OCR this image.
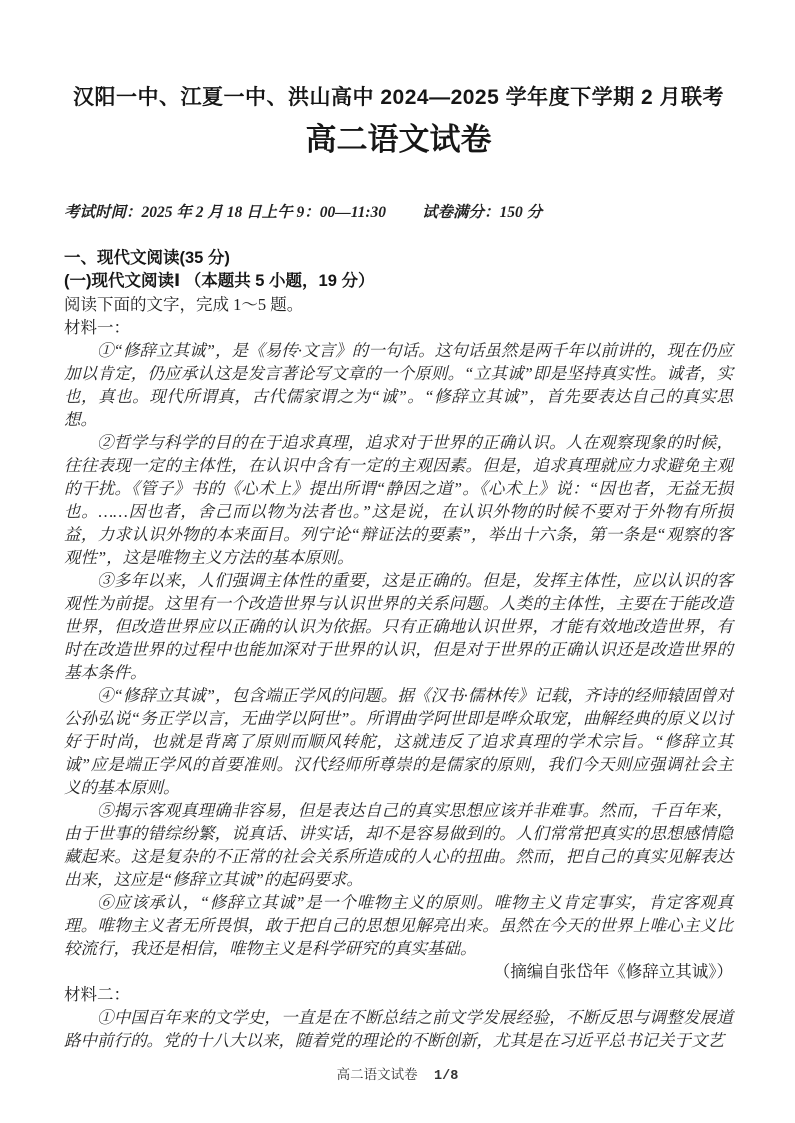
汉阳一中、江夏一中、洪山高中 2024—2025 学年度下学期 2 月联考
高二语文试卷
考试时间：2025 年 2 月 18 日上午 9：00—11:30 试卷满分：150 分
一、现代文阅读(35 分)
(一)现代文阅读Ⅰ （本题共 5 小题，19 分）
阅读下面的文字，完成 1～5 题。
材料一：

①“修辞立其诚”，是《易传·文言》的一句话。这句话虽然是两千年以前讲的，现在仍应加以肯定，仍应承认这是发言著论写文章的一个原则。“立其诚”即是坚持真实性。诚者，实也，真也。现代所谓真，古代儒家谓之为“诚”。“修辞立其诚”，首先要表达自己的真实思想。

②哲学与科学的目的在于追求真理，追求对于世界的正确认识。人在观察现象的时候，往往表现一定的主体性，在认识中含有一定的主观因素。但是，追求真理就应力求避免主观的干扰。《管子》书的《心术上》提出所谓“静因之道”。《心术上》说：“因也者，无益无损也。……因也者，舍己而以物为法者也。”这是说，在认识外物的时候不要对于外物有所损益，力求认识外物的本来面目。列宁论“辩证法的要素”，举出十六条，第一条是“观察的客观性”，这是唯物主义方法的基本原则。

③多年以来，人们强调主体性的重要，这是正确的。但是，发挥主体性，应以认识的客观性为前提。这里有一个改造世界与认识世界的关系问题。人类的主体性，主要在于能改造世界，但改造世界应以正确的认识为依据。只有正确地认识世界，才能有效地改造世界，有时在改造世界的过程中也能加深对于世界的认识，但是对于世界的正确认识还是改造世界的基本条件。

④“修辞立其诚”，包含端正学风的问题。据《汉书·儒林传》记载，齐诗的经师辕固曾对公孙弘说“务正学以言，无曲学以阿世”。所谓曲学阿世即是哗众取宠，曲解经典的原义以讨好于时尚，也就是背离了原则而顺风转舵，这就违反了追求真理的学术宗旨。“修辞立其诚”应是端正学风的首要准则。汉代经师所尊崇的是儒家的原则，我们今天则应强调社会主义的基本原则。

⑤揭示客观真理确非容易，但是表达自己的真实思想应该并非难事。然而，千百年来，由于世事的错综纷繁，说真话、讲实话，却不是容易做到的。人们常常把真实的思想感情隐藏起来。这是复杂的不正常的社会关系所造成的人心的扭曲。然而，把自己的真实见解表达出来，这应是“修辞立其诚”的起码要求。

⑥应该承认，“修辞立其诚”是一个唯物主义的原则。唯物主义肯定事实，肯定客观真理。唯物主义者无所畏惧，敢于把自己的思想见解亮出来。虽然在今天的世界上唯心主义比较流行，我还是相信，唯物主义是科学研究的真实基础。

（摘编自张岱年《修辞立其诚》）

材料二：

①中国百年来的文学史，一直是在不断总结之前文学发展经验，不断反思与调整发展道路中前行的。党的十八大以来，随着党的理论的不断创新，尤其是在习近平总书记关于文艺

高二语文试卷 1/8
